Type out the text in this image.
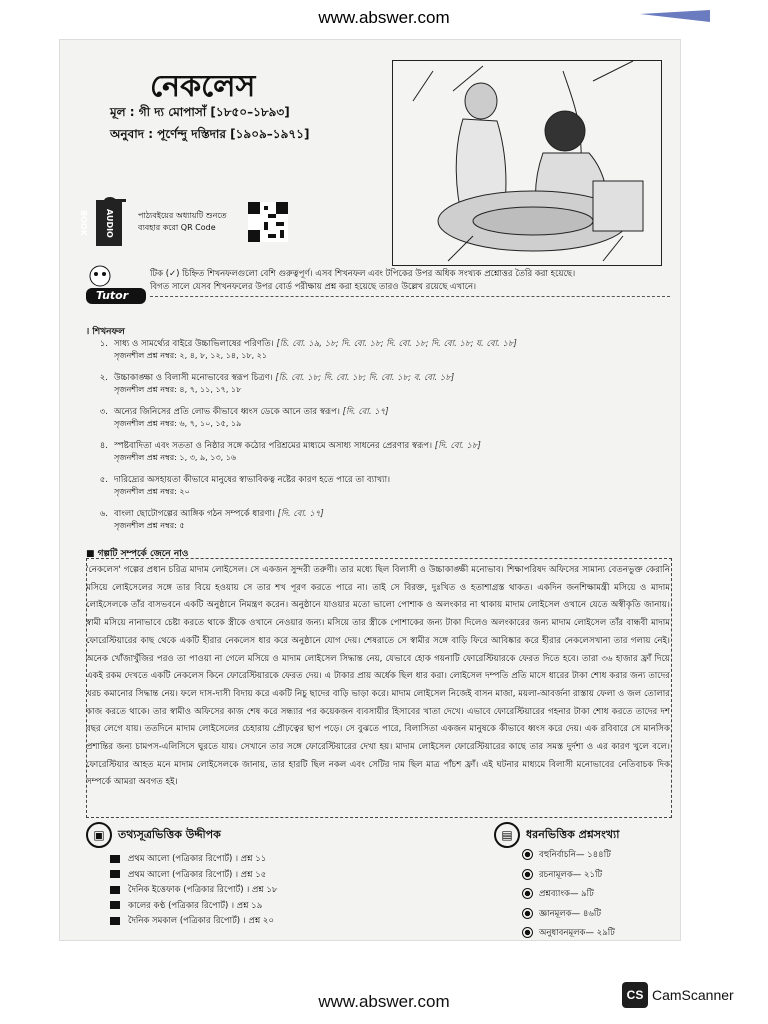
www.abswer.com
নেকলেস
মূল : গী দ্য মোপাসাঁ [১৮৫০–১৮৯৩]
অনুবাদ : পূর্ণেন্দু দস্তিদার [১৯০৯–১৯৭১]
AUDIO BOOK	পাঠ্যবইয়ের অধ্যায়টি শুনতে
ব্যবহার করো QR Code
Tutor
টিক (✓) চিহ্নিত শিখনফলগুলো বেশি গুরুত্বপূর্ণ। এসব শিখনফল এবং টপিকের উপর অধিক সংখ্যক প্রশ্নোত্তর তৈরি করা হয়েছে।
বিগত সালে যেসব শিখনফলের উপর বোর্ড পরীক্ষায় প্রশ্ন করা হয়েছে তারও উল্লেখ রয়েছে এখানে।
। শিখনফল
১. সাধ্য ও সামর্থ্যের বাইরে উচ্চাভিলাষের পরিণতি। [চি. বো. ১৯, ১৮; দি. বো. ১৮; দি. বো. ১৮; দি. বো. ১৮; য. বো. ১৮]
সৃজনশীল প্রশ্ন নম্বর: ২, ৪, ৮, ১২, ১৪, ১৮, ২১
২. উচ্চাকাঙ্ক্ষা ও বিলাসী মনোভাবের স্বরূপ চিত্রণ। [চি. বো. ১৮; দি. বো. ১৮; দি. বো. ১৮; ব. বো. ১৮]
সৃজনশীল প্রশ্ন নম্বর: ৪, ৭, ১১, ১৭, ১৮
৩. অন্যের জিনিসের প্রতি লোভ কীভাবে ধ্বংস ডেকে আনে তার স্বরূপ। [দি. বো. ১৭]
সৃজনশীল প্রশ্ন নম্বর: ৬, ৭, ১০, ১৫, ১৯
৪. স্পষ্টবাদিতা এবং সততা ও নিষ্ঠার সঙ্গে কঠোর পরিশ্রমের মাধ্যমে অসাধ্য সাধনের প্রেরণার স্বরূপ। [দি. বো. ১৮]
সৃজনশীল প্রশ্ন নম্বর: ১, ৩, ৯, ১৩, ১৬
৫. দারিদ্র্যের অসহায়তা কীভাবে মানুষের স্বাভাবিকত্ব নষ্টের কারণ হতে পারে তা ব্যাখ্যা।
সৃজনশীল প্রশ্ন নম্বর: ২০
৬. বাংলা ছোটোগল্পের আঙ্গিক গঠন সম্পর্কে ধারণা। [দি. বো. ১৭]
সৃজনশীল প্রশ্ন নম্বর: ৫
■ গল্পটি সম্পর্কে জেনে নাও

'নেকলেস' গল্পের প্রধান চরিত্র মাদাম লোইসেল। সে একজন সুন্দরী তরুণী। তার মধ্যে ছিল বিলাসী ও উচ্চাকাঙ্ক্ষী মনোভাব। শিক্ষাপরিষদ অফিসের সামান্য বেতনভুক্ত কেরানি মসিয়ে লোইসেলের সঙ্গে তার বিয়ে হওয়ায় সে তার শখ পূরণ করতে পারে না। তাই সে বিরক্ত, দুঃখিত ও হতাশাগ্রস্ত থাকত। একদিন জনশিক্ষামন্ত্রী মসিয়ে ও মাদাম লোইসেলকে তাঁর বাসভবনে একটি অনুষ্ঠানে নিমন্ত্রণ করেন। অনুষ্ঠানে যাওয়ার মতো ভালো পোশাক ও অলংকার না থাকায় মাদাম লোইসেল ওখানে যেতে অস্বীকৃতি জানায়। স্বামী মসিয়ে নানাভাবে চেষ্টা করতে থাকে স্ত্রীকে ওখানে নেওয়ার জন্য। মসিয়ে তার স্ত্রীকে পোশাকের জন্য টাকা দিলেও অলংকারের জন্য মাদাম লোইসেল তাঁর বান্ধবী মাদাম ফোরেস্টিয়ারের কাছ থেকে একটি হীরার নেকলেস ধার করে অনুষ্ঠানে যোগ দেয়। শেষরাতে সে স্বামীর সঙ্গে বাড়ি ফিরে আবিষ্কার করে হীরার নেকলেসখানা তার গলায় নেই। অনেক খোঁজাখুঁজির পরও তা পাওয়া না গেলে মসিয়ে ও মাদাম লোইসেল সিদ্ধান্ত নেয়, যেভাবে হোক গয়নাটি ফোরেস্টিয়ারকে ফেরত দিতে হবে। তারা ৩৬ হাজার ফ্রাঁ দিয়ে একই রকম দেখতে একটি নেকলেস কিনে ফোরেস্টিয়ারকে ফেরত দেয়। এ টাকার প্রায় অর্ধেক ছিল ধার করা। লোইসেল দম্পতি প্রতি মাসে ধারের টাকা শোধ করার জন্য তাদের খরচ কমানোর সিদ্ধান্ত নেয়। ফলে দাস-দাসী বিদায় করে একটি নিচু ছাদের বাড়ি ভাড়া করে। মাদাম লোইসেল নিজেই বাসন মাজা, ময়লা-আবর্জনা রাস্তায় ফেলা ও জল তোলার কাজ করতে থাকে। তার স্বামীও অফিসের কাজ শেষ করে সন্ধ্যার পর কয়েকজন ব্যবসায়ীর হিসাবের খাতা দেখে। এভাবে ফোরেস্টিয়ারের গহনার টাকা শোধ করতে তাদের দশ বছর লেগে যায়। ততদিনে মাদাম লোইসেলের চেহারায় প্রৌঢ়ত্বের ছাপ পড়ে। সে বুঝতে পারে, বিলাসিতা একজন মানুষকে কীভাবে ধ্বংস করে দেয়। এক রবিবারে সে মানসিক প্রশান্তির জন্য চামপস-এলিসিসে ঘুরতে যায়। সেখানে তার সঙ্গে ফোরেস্টিয়ারের দেখা হয়। মাদাম লোইসেল ফোরেস্টিয়ারের কাছে তার সমস্ত দুর্দশা ও এর কারণ খুলে বলে। ফোরেস্টিয়ার আহত মনে মাদাম লোইসেলকে জানায়, তার হারটি ছিল নকল এবং সেটির দাম ছিল মাত্র পাঁচশ ফ্রাঁ। এই ঘটনার মাধ্যমে বিলাসী মনোভাবের নেতিবাচক দিক সম্পর্কে আমরা অবগত হই।

▣ তথ্যসূত্রভিত্তিক উদ্দীপক
প্রথম আলো (পত্রিকার রিপোর্ট) । প্রশ্ন ১১
প্রথম আলো (পত্রিকার রিপোর্ট) । প্রশ্ন ১৫
দৈনিক ইত্তেফাক (পত্রিকার রিপোর্ট) । প্রশ্ন ১৮
কালের কণ্ঠ (পত্রিকার রিপোর্ট) । প্রশ্ন ১৯
দৈনিক সমকাল (পত্রিকার রিপোর্ট) । প্রশ্ন ২০
▤ ধরনভিত্তিক প্রশ্নসংখ্যা
বহুনির্বাচনি— ১৪৪টি
রচনামূলক— ২১টি
প্রশ্নব্যাংক— ৯টি
জ্ঞানমূলক— ৪৬টি
অনুধাবনমূলক— ২৯টি
www.abswer.com	CS CamScanner
